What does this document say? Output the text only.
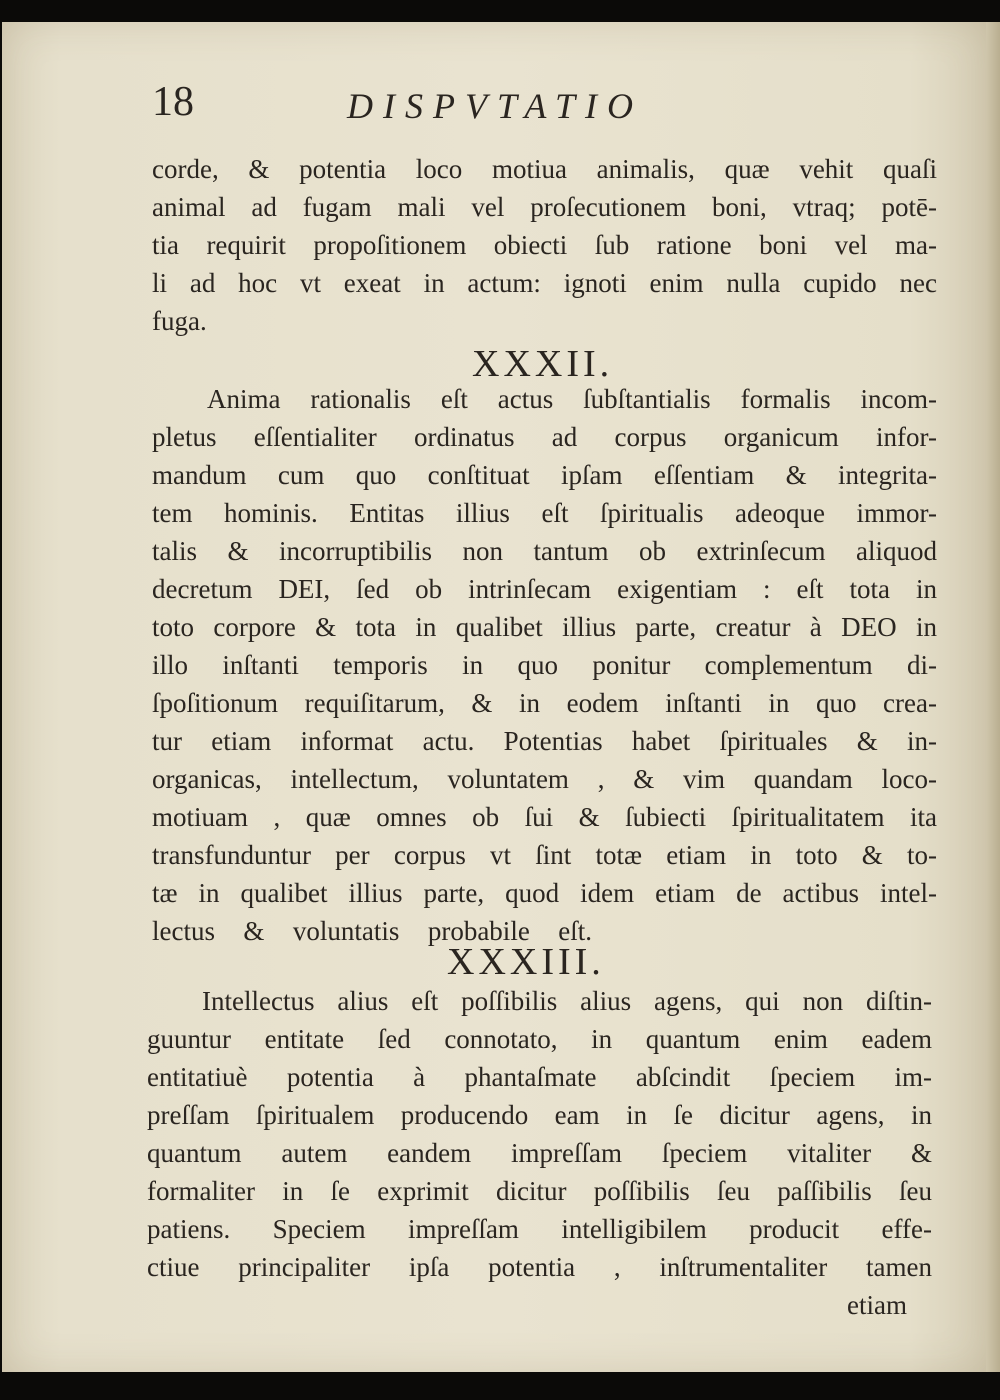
18	DISPVTATIO
corde, & potentia loco motiua animalis, quæ vehit quaſi
animal ad fugam mali vel proſecutionem boni, vtraq; potē-
tia requirit propoſitionem obiecti ſub ratione boni vel ma-
li ad hoc vt exeat in actum: ignoti enim nulla cupido nec
fuga.
XXXII.
Anima rationalis eſt actus ſubſtantialis formalis incom-
pletus eſſentialiter ordinatus ad corpus organicum infor-
mandum cum quo conſtituat ipſam eſſentiam & integrita-
tem hominis. Entitas illius eſt ſpiritualis adeoque immor-
talis & incorruptibilis non tantum ob extrinſecum aliquod
decretum DEI, ſed ob intrinſecam exigentiam : eſt tota in
toto corpore & tota in qualibet illius parte, creatur à DEO in
illo inſtanti temporis in quo ponitur complementum di-
ſpoſitionum requiſitarum, & in eodem inſtanti in quo crea-
tur etiam informat actu. Potentias habet ſpirituales & in-
organicas, intellectum, voluntatem , & vim quandam loco-
motiuam , quæ omnes ob ſui & ſubiecti ſpiritualitatem ita
transfunduntur per corpus vt ſint totæ etiam in toto & to-
tæ in qualibet illius parte, quod idem etiam de actibus intel-
lectus & voluntatis probabile eſt.
XXXIII.
Intellectus alius eſt poſſibilis alius agens, qui non diſtin-
guuntur entitate ſed connotato, in quantum enim eadem
entitatiuè potentia à phantaſmate abſcindit ſpeciem im-
preſſam ſpiritualem producendo eam in ſe dicitur agens, in
quantum autem eandem impreſſam ſpeciem vitaliter &
formaliter in ſe exprimit dicitur poſſibilis ſeu paſſibilis ſeu
patiens. Speciem impreſſam intelligibilem producit effe-
ctiue principaliter ipſa potentia , inſtrumentaliter tamen
etiam
